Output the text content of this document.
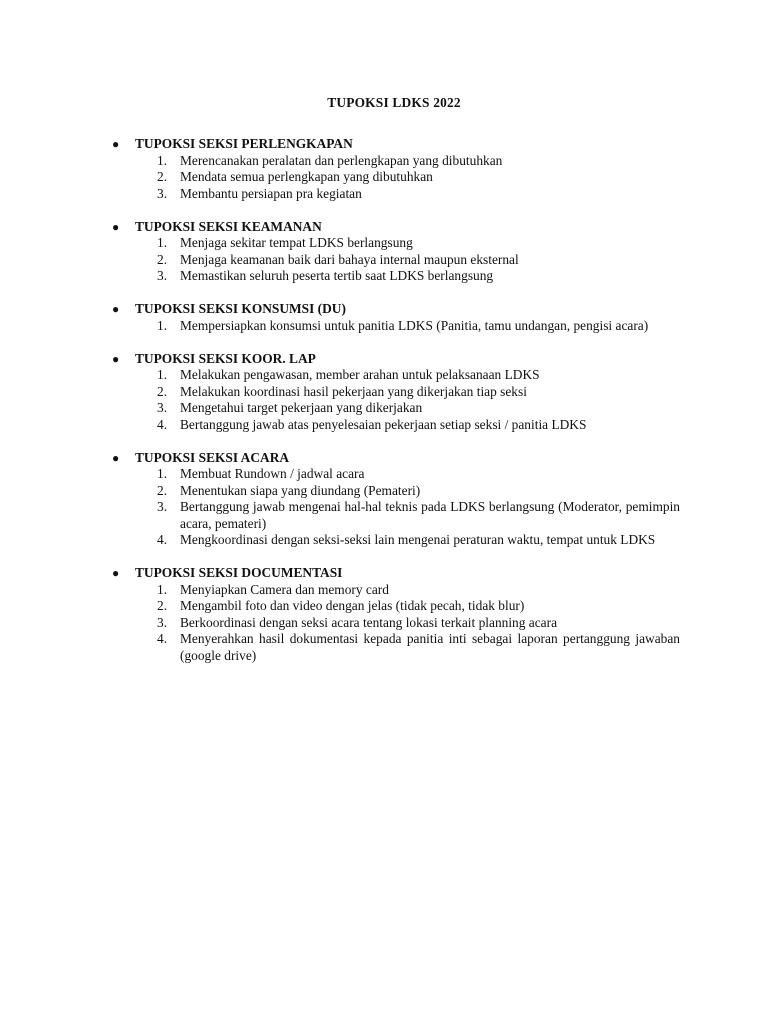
TUPOKSI LDKS 2022
●	TUPOKSI SEKSI PERLENGKAPAN
1. Merencanakan peralatan dan perlengkapan yang dibutuhkan
2. Mendata semua perlengkapan yang dibutuhkan
3. Membantu persiapan pra kegiatan
●	TUPOKSI SEKSI KEAMANAN
1. Menjaga sekitar tempat LDKS berlangsung
2. Menjaga keamanan baik dari bahaya internal maupun eksternal
3. Memastikan seluruh peserta tertib saat LDKS berlangsung
●	TUPOKSI SEKSI KONSUMSI (DU)
1. Mempersiapkan konsumsi untuk panitia LDKS (Panitia, tamu undangan, pengisi acara)
●	TUPOKSI SEKSI KOOR. LAP
1. Melakukan pengawasan, member arahan untuk pelaksanaan LDKS
2. Melakukan koordinasi hasil pekerjaan yang dikerjakan tiap seksi
3. Mengetahui target pekerjaan yang dikerjakan
4. Bertanggung jawab atas penyelesaian pekerjaan setiap seksi / panitia LDKS
●	TUPOKSI SEKSI ACARA
1. Membuat Rundown / jadwal acara
2. Menentukan siapa yang diundang (Pemateri)
3. Bertanggung jawab mengenai hal-hal teknis pada LDKS berlangsung (Moderator, pemimpin acara, pemateri)
4. Mengkoordinasi dengan seksi-seksi lain mengenai peraturan waktu, tempat untuk LDKS
●	TUPOKSI SEKSI DOCUMENTASI
1. Menyiapkan Camera dan memory card
2. Mengambil foto dan video dengan jelas (tidak pecah, tidak blur)
3. Berkoordinasi dengan seksi acara tentang lokasi terkait planning acara
4. Menyerahkan hasil dokumentasi kepada panitia inti sebagai laporan pertanggung jawaban (google drive)
